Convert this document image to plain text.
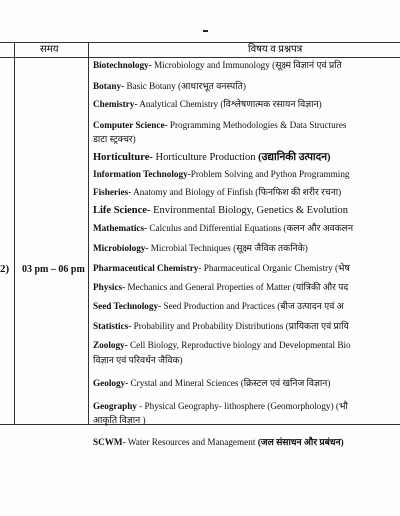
समय	विषय व प्रश्नपत्र
2) 03 pm – 06 pm
Biotechnology- Microbiology and Immunology (सूक्ष्म विज्ञानं एवं प्रति
Botany- Basic Botany (आधारभूत वनस्पति)
Chemistry- Analytical Chemistry (विश्लेषणात्मक रसायन विज्ञान)
Computer Science- Programming Methodologies & Data Structures
डाटा स्ट्रक्चर)
Horticulture- Horticulture Production (उद्यानिकी उत्पादन)
Information Technology-Problem Solving and Python Programming
Fisheries- Anatomy and Biology of Finfish (फिनफिश की शरीर रचना)
Life Science- Environmental Biology, Genetics & Evolution
Mathematics- Calculus and Differential Equations (कलन और अवकलन
Microbiology- Microbial Techniques (सूक्ष्म जैविक तकनिके)
Pharmaceutical Chemistry- Pharmaceutical Organic Chemistry (भेष
Physics- Mechanics and General Properties of Matter (यांत्रिकी और पद
Seed Technology- Seed Production and Practices (बीज उत्पादन एवं अ
Statistics- Probability and Probability Distributions (प्रायिकता एवं प्रायि
Zoology- Cell Biology, Reproductive biology and Developmental Bio
विज्ञान एवं परिवर्धन जैविक)
Geology- Crystal and Mineral Sciences (क्रिस्टल एवं खनिज विज्ञान)
Geography - Physical Geography- lithosphere (Geomorphology) (भौ
आकृति विज्ञान )
SCWM- Water Resources and Management (जल संसाधन और प्रबंधन)
